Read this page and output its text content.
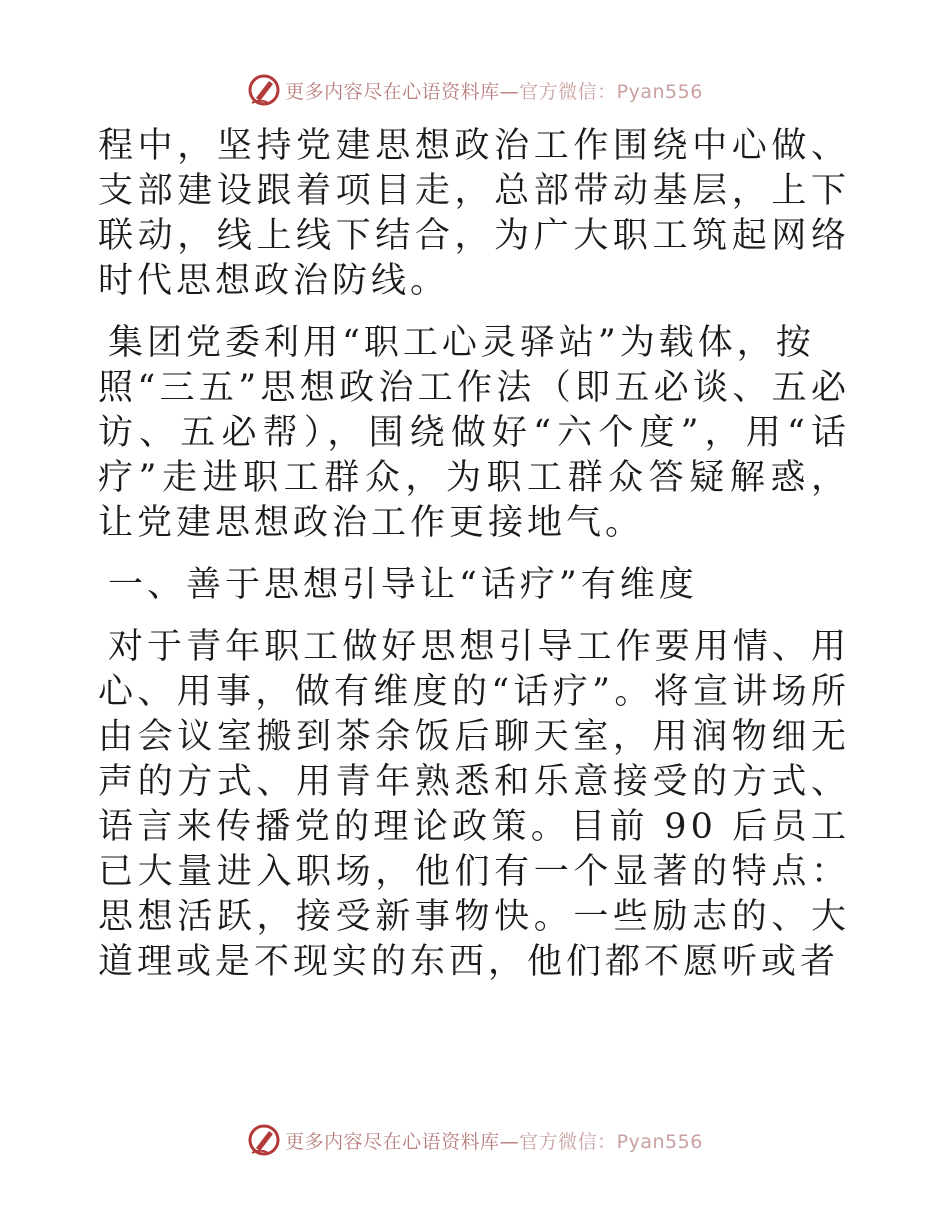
更多内容尽在心语资料库—官方微信：Pyan556

程中，坚持党建思想政治工作围绕中心做、支部建设跟着项目走，总部带动基层，上下联动，线上线下结合，为广大职工筑起网络时代思想政治防线。

集团党委利用“职工心灵驿站”为载体，按

照“三五”思想政治工作法（即五必谈、五必访、五必帮），围绕做好“六个度”，用“话疗”走进职工群众，为职工群众答疑解惑，让党建思想政治工作更接地气。

一、善于思想引导让“话疗”有维度

对于青年职工做好思想引导工作要用情、用心、用事，做有维度的“话疗”。将宣讲场所由会议室搬到茶余饭后聊天室，用润物细无声的方式、用青年熟悉和乐意接受的方式、语言来传播党的理论政策。目前 90 后员工已大量进入职场，他们有一个显著的特点：思想活跃，接受新事物快。一些励志的、大道理或是不现实的东西，他们都不愿听或者

更多内容尽在心语资料库—官方微信：Pyan556
